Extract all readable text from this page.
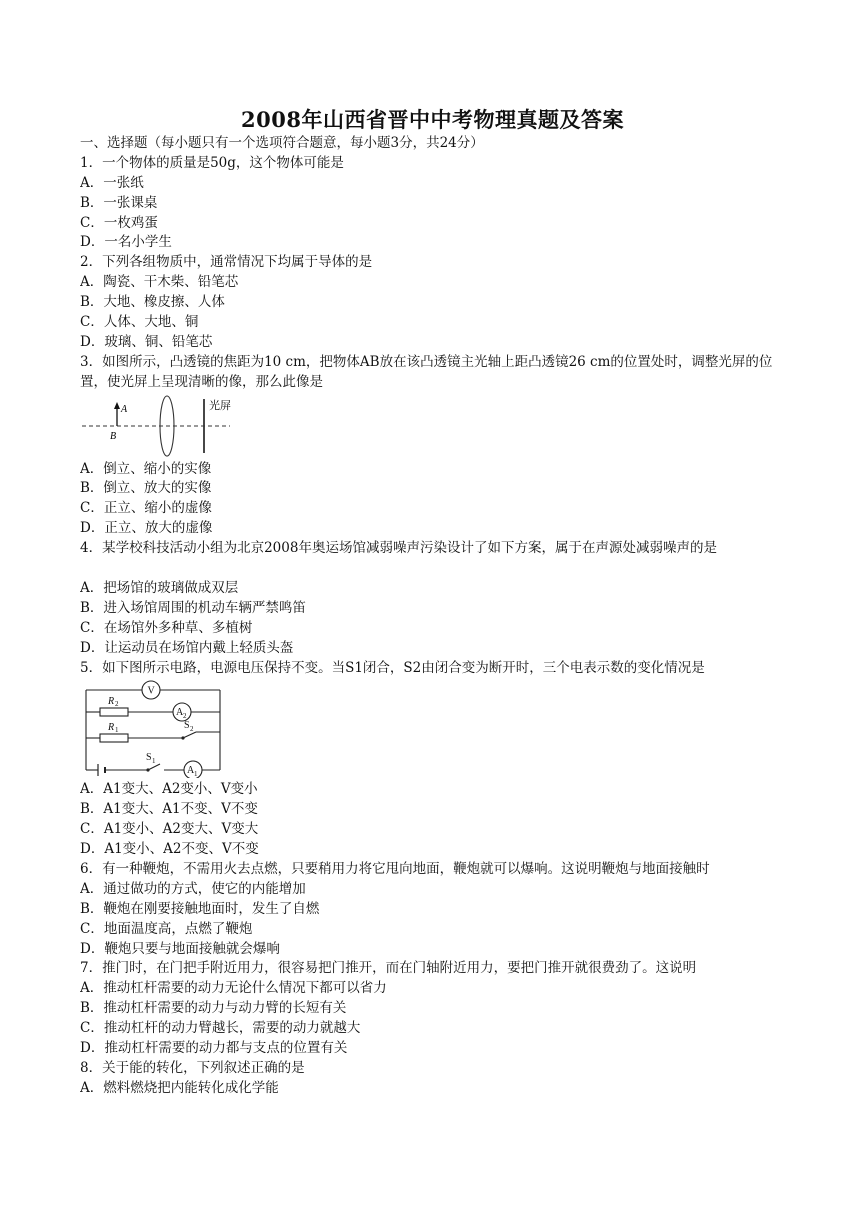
2008年山西省晋中中考物理真题及答案
一、选择题（每小题只有一个选项符合题意，每小题3分，共24分）
1．一个物体的质量是50g，这个物体可能是
A．一张纸
B．一张课桌
C．一枚鸡蛋
D．一名小学生
2．下列各组物质中，通常情况下均属于导体的是
A．陶瓷、干木柴、铅笔芯
B．大地、橡皮擦、人体
C．人体、大地、铜
D．玻璃、铜、铅笔芯
3．如图所示，凸透镜的焦距为10 cm，把物体AB放在该凸透镜主光轴上距凸透镜26 cm的位置处时，调整光屏的位置，使光屏上呈现清晰的像，那么此像是
A
B
光屏
A．倒立、缩小的实像
B．倒立、放大的实像
C．正立、缩小的虚像
D．正立、放大的虚像
4．某学校科技活动小组为北京2008年奥运场馆减弱噪声污染设计了如下方案，属于在声源处减弱噪声的是
A．把场馆的玻璃做成双层
B．进入场馆周围的机动车辆严禁鸣笛
C．在场馆外多种草、多植树
D．让运动员在场馆内戴上轻质头盔
5．如下图所示电路，电源电压保持不变。当S1闭合，S2由闭合变为断开时，三个电表示数的变化情况是
V
A 2
A 1
R 2
R 1	S 2
S 1
A．A1变大、A2变小、V变小
B．A1变大、A1不变、V不变
C．A1变小、A2变大、V变大
D．A1变小、A2不变、V不变
6．有一种鞭炮，不需用火去点燃，只要稍用力将它甩向地面，鞭炮就可以爆响。这说明鞭炮与地面接触时
A．通过做功的方式，使它的内能增加
B．鞭炮在刚要接触地面时，发生了自燃
C．地面温度高，点燃了鞭炮
D．鞭炮只要与地面接触就会爆响
7．推门时，在门把手附近用力，很容易把门推开，而在门轴附近用力，要把门推开就很费劲了。这说明
A．推动杠杆需要的动力无论什么情况下都可以省力
B．推动杠杆需要的动力与动力臂的长短有关
C．推动杠杆的动力臂越长，需要的动力就越大
D．推动杠杆需要的动力都与支点的位置有关
8．关于能的转化，下列叙述正确的是
A．燃料燃烧把内能转化成化学能
